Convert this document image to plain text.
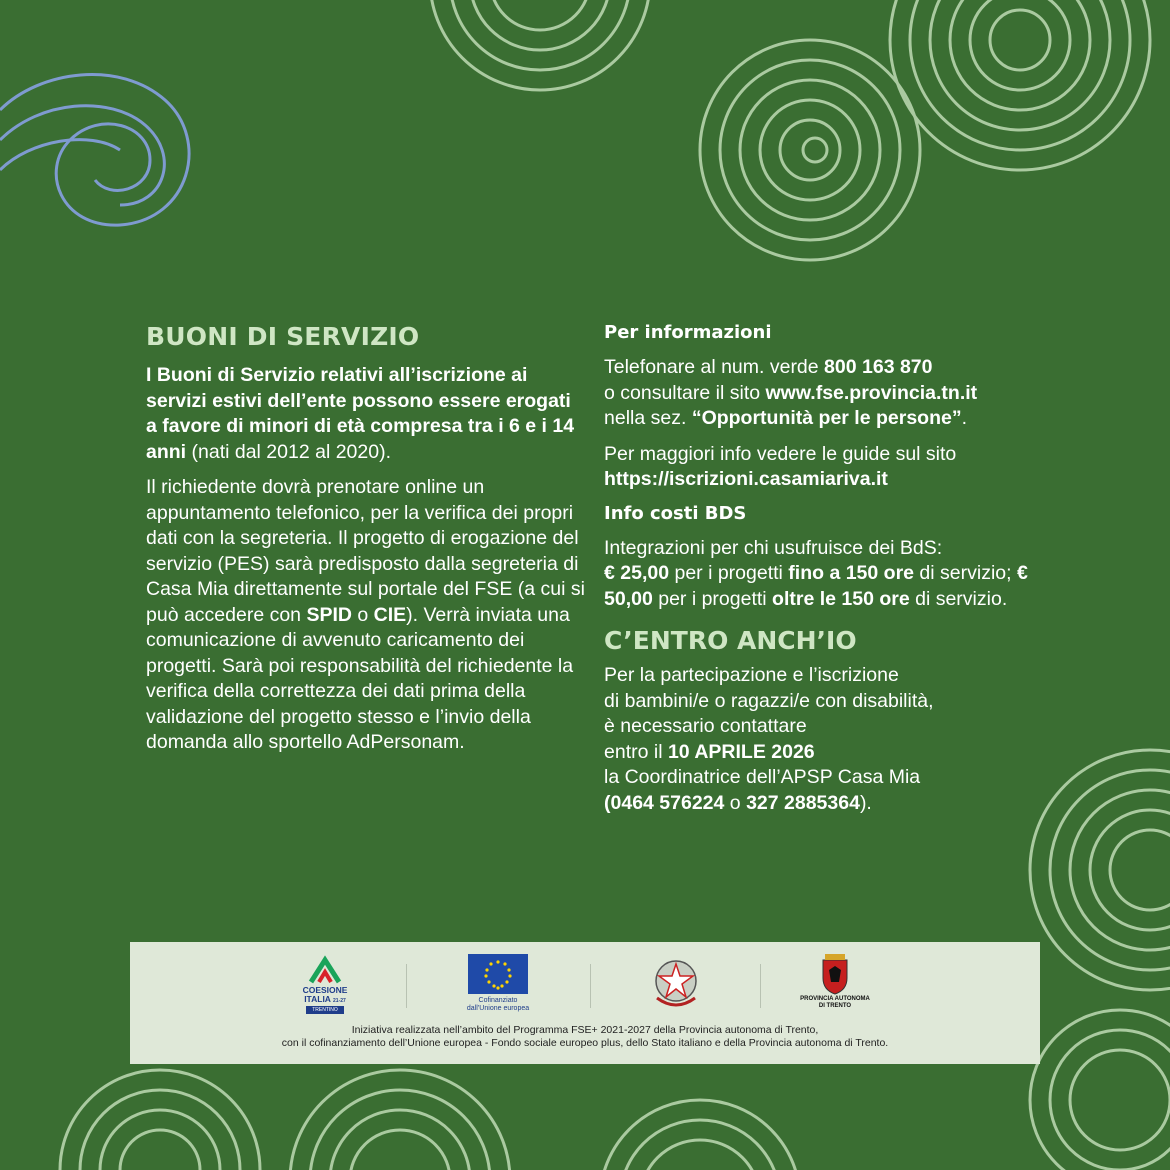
BUONI DI SERVIZIO

I Buoni di Servizio relativi all’iscrizione ai servizi estivi dell’ente possono essere erogati a favore di minori di età compresa tra i 6 e i 14 anni (nati dal 2012 al 2020).

Il richiedente dovrà prenotare online un appuntamento telefonico, per la verifica dei propri dati con la segreteria. Il progetto di erogazione del servizio (PES) sarà predisposto dalla segreteria di Casa Mia direttamente sul portale del FSE (a cui si può accedere con SPID o CIE). Verrà inviata una comunicazione di avvenuto caricamento dei progetti. Sarà poi responsabilità del richiedente la verifica della correttezza dei dati prima della validazione del progetto stesso e l’invio della domanda allo sportello AdPersonam.

Per informazioni

Telefonare al num. verde 800 163 870
o consultare il sito www.fse.provincia.tn.it
nella sez. “Opportunità per le persone”.

Per maggiori info vedere le guide sul sito
https://iscrizioni.casamiariva.it

Info costi BDS

Integrazioni per chi usufruisce dei BdS:
€ 25,00 per i progetti fino a 150 ore di servizio; € 50,00 per i progetti oltre le 150 ore di servizio.

C’ENTRO ANCH’IO

Per la partecipazione e l’iscrizione
di bambini/e o ragazzi/e con disabilità,
è necessario contattare
entro il 10 APRILE 2026
la Coordinatrice dell’APSP Casa Mia
(0464 576224 o 327 2885364).

COESIONE
ITALIA 21-27
TRENTINO
Cofinanziato
dall’Unione europea
PROVINCIA AUTONOMA
DI TRENTO
Iniziativa realizzata nell’ambito del Programma FSE+ 2021-2027 della Provincia autonoma di Trento,
con il cofinanziamento dell’Unione europea - Fondo sociale europeo plus, dello Stato italiano e della Provincia autonoma di Trento.
